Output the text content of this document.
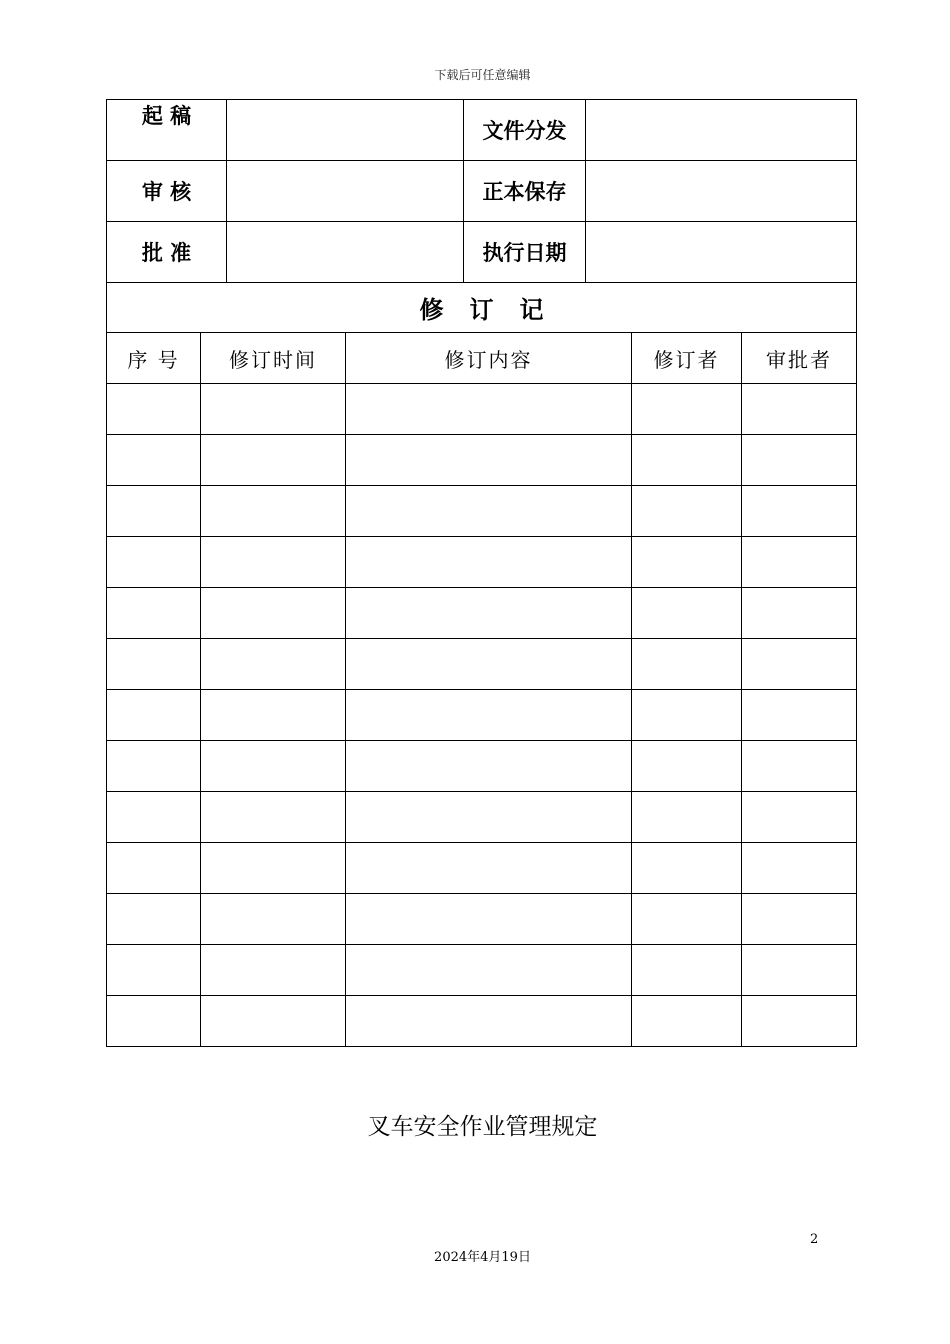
下载后可任意编辑
起 稿		文件分发	
审 核		正本保存	
批 准		执行日期	
修订记				
序 号	修订时间	修订内容	修订者	审批者

叉车安全作业管理规定
2
2024年4月19日
